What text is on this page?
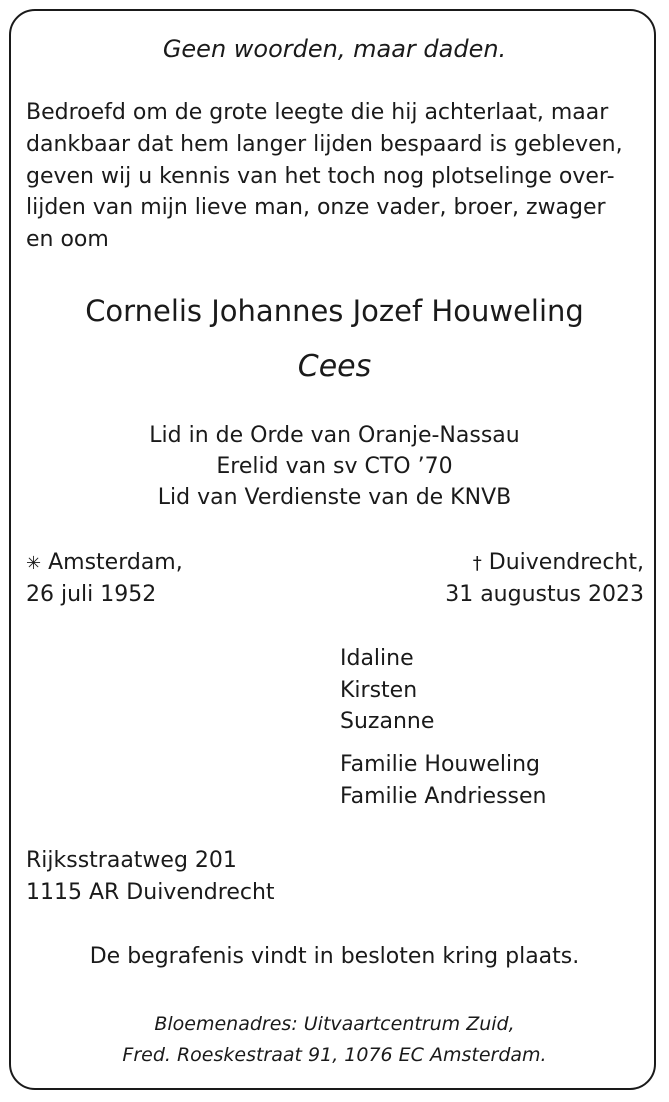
Geen woorden, maar daden.
Bedroefd om de grote leegte die hij achterlaat, maar
dankbaar dat hem langer lijden bespaard is gebleven,
geven wij u kennis van het toch nog plotselinge over-
lijden van mijn lieve man, onze vader, broer, zwager
en oom
Cornelis Johannes Jozef Houweling
Cees
Lid in de Orde van Oranje-Nassau
Erelid van sv CTO ’70
Lid van Verdienste van de KNVB
✳ Amsterdam,
26 juli 1952
† Duivendrecht,
31 augustus 2023
Idaline
Kirsten
Suzanne
Familie Houweling
Familie Andriessen
Rijksstraatweg 201
1115 AR Duivendrecht
De begrafenis vindt in besloten kring plaats.
Bloemenadres: Uitvaartcentrum Zuid,
Fred. Roeskestraat 91, 1076 EC Amsterdam.
